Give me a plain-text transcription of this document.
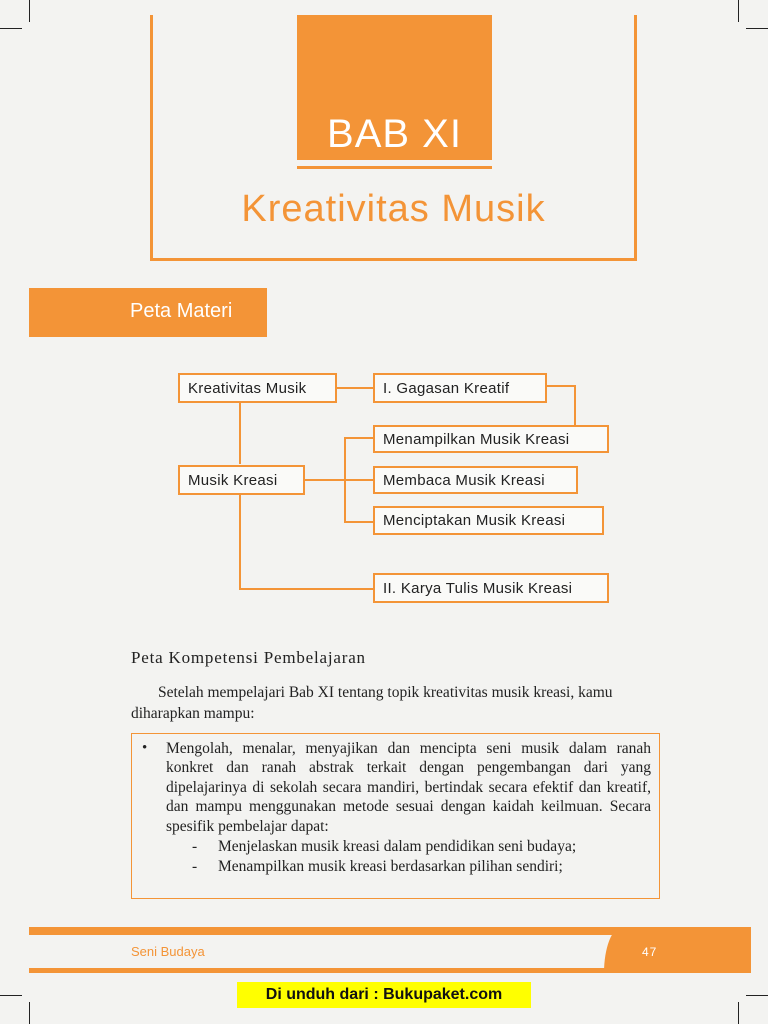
BAB XI
Kreativitas Musik
Peta Materi
Kreativitas Musik	I. Gagasan Kreatif
Menampilkan Musik Kreasi
Musik Kreasi	Membaca Musik Kreasi
Menciptakan Musik Kreasi
II. Karya Tulis Musik Kreasi
Peta Kompetensi Pembelajaran
Setelah mempelajari Bab XI tentang topik kreativitas musik kreasi, kamu diharapkan mampu:
• Mengolah, menalar, menyajikan dan mencipta seni musik dalam ranah konkret dan ranah abstrak terkait dengan pengembangan dari yang dipelajarinya di sekolah secara mandiri, bertindak secara efektif dan kreatif, dan mampu menggunakan metode sesuai dengan kaidah keilmuan. Secara spesifik pembelajar dapat:
- Menjelaskan musik kreasi dalam pendidikan seni budaya;
- Menampilkan musik kreasi berdasarkan pilihan sendiri;
Seni Budaya	47
Di unduh dari : Bukupaket.com
